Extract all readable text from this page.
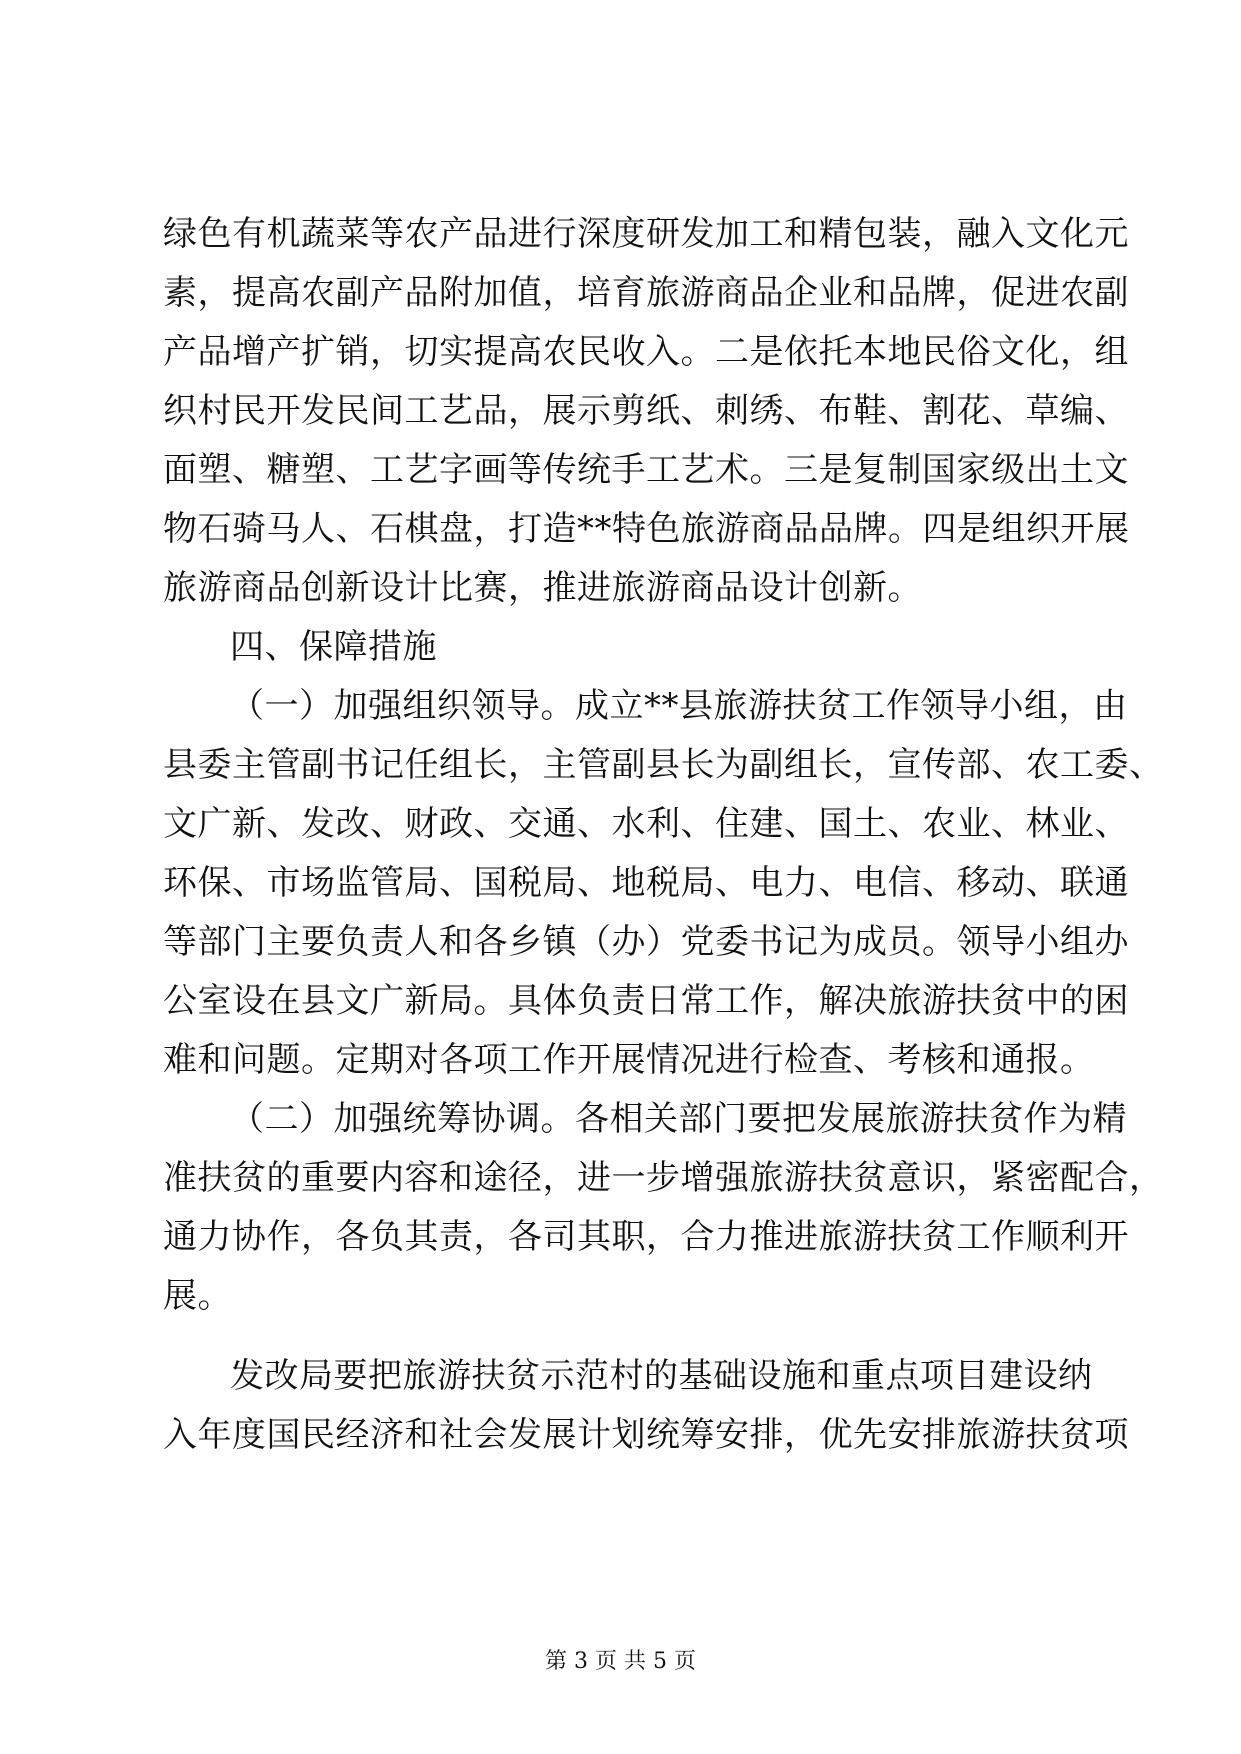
绿色有机蔬菜等农产品进行深度研发加工和精包装，融入文化元
素，提高农副产品附加值，培育旅游商品企业和品牌，促进农副
产品增产扩销，切实提高农民收入。二是依托本地民俗文化，组
织村民开发民间工艺品，展示剪纸、刺绣、布鞋、割花、草编、
面塑、糖塑、工艺字画等传统手工艺术。三是复制国家级出土文
物石骑马人、石棋盘，打造**特色旅游商品品牌。四是组织开展
旅游商品创新设计比赛，推进旅游商品设计创新。
四、保障措施
（一）加强组织领导。成立**县旅游扶贫工作领导小组，由
县委主管副书记任组长，主管副县长为副组长，宣传部、农工委、
文广新、发改、财政、交通、水利、住建、国土、农业、林业、
环保、市场监管局、国税局、地税局、电力、电信、移动、联通
等部门主要负责人和各乡镇（办）党委书记为成员。领导小组办
公室设在县文广新局。具体负责日常工作，解决旅游扶贫中的困
难和问题。定期对各项工作开展情况进行检查、考核和通报。
（二）加强统筹协调。各相关部门要把发展旅游扶贫作为精
准扶贫的重要内容和途径，进一步增强旅游扶贫意识，紧密配合，
通力协作，各负其责，各司其职，合力推进旅游扶贫工作顺利开
展。
发改局要把旅游扶贫示范村的基础设施和重点项目建设纳
入年度国民经济和社会发展计划统筹安排，优先安排旅游扶贫项
第 3 页 共 5 页
